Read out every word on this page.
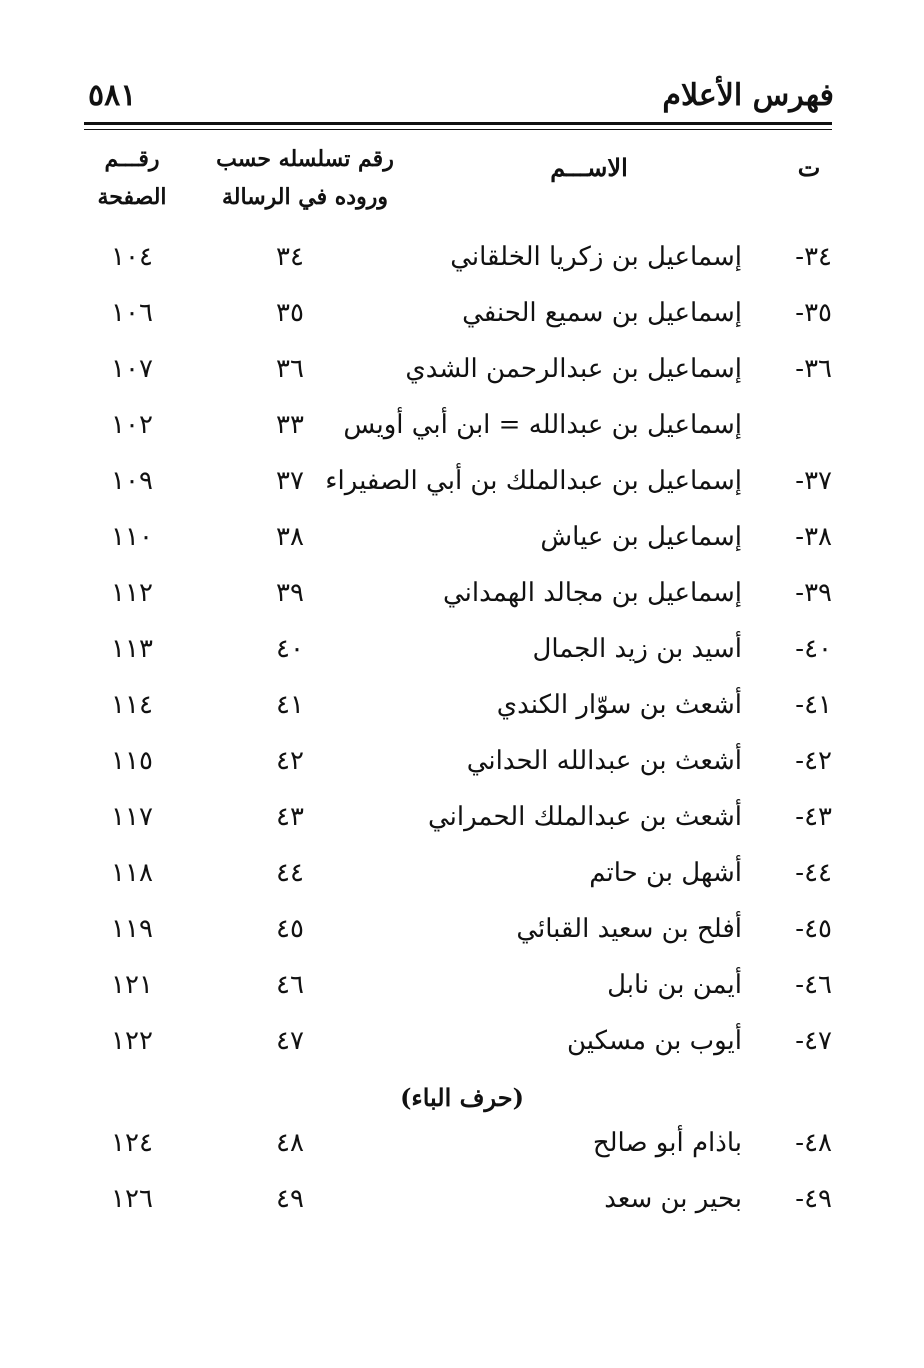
فهرس الأعلام
٥٨١
ت
الاســـم
رقم تسلسله حسب
وروده في الرسالة
رقـــم
الصفحة
٣٤-
إسماعيل بن زكريا الخلقاني
٣٤
١٠٤
٣٥-
إسماعيل بن سميع الحنفي
٣٥
١٠٦
٣٦-
إسماعيل بن عبدالرحمن الشدي
٣٦
١٠٧
إسماعيل بن عبدالله = ابن أبي أويس
٣٣
١٠٢
٣٧-
إسماعيل بن عبدالملك بن أبي الصفيراء
٣٧
١٠٩
٣٨-
إسماعيل بن عياش
٣٨
١١٠
٣٩-
إسماعيل بن مجالد الهمداني
٣٩
١١٢
٤٠-
أسيد بن زيد الجمال
٤٠
١١٣
٤١-
أشعث بن سوّار الكندي
٤١
١١٤
٤٢-
أشعث بن عبدالله الحداني
٤٢
١١٥
٤٣-
أشعث بن عبدالملك الحمراني
٤٣
١١٧
٤٤-
أشهل بن حاتم
٤٤
١١٨
٤٥-
أفلح بن سعيد القبائي
٤٥
١١٩
٤٦-
أيمن بن نابل
٤٦
١٢١
٤٧-
أيوب بن مسكين
٤٧
١٢٢
(حرف الباء)
٤٨-
باذام أبو صالح
٤٨
١٢٤
٤٩-
بحير بن سعد
٤٩
١٢٦
